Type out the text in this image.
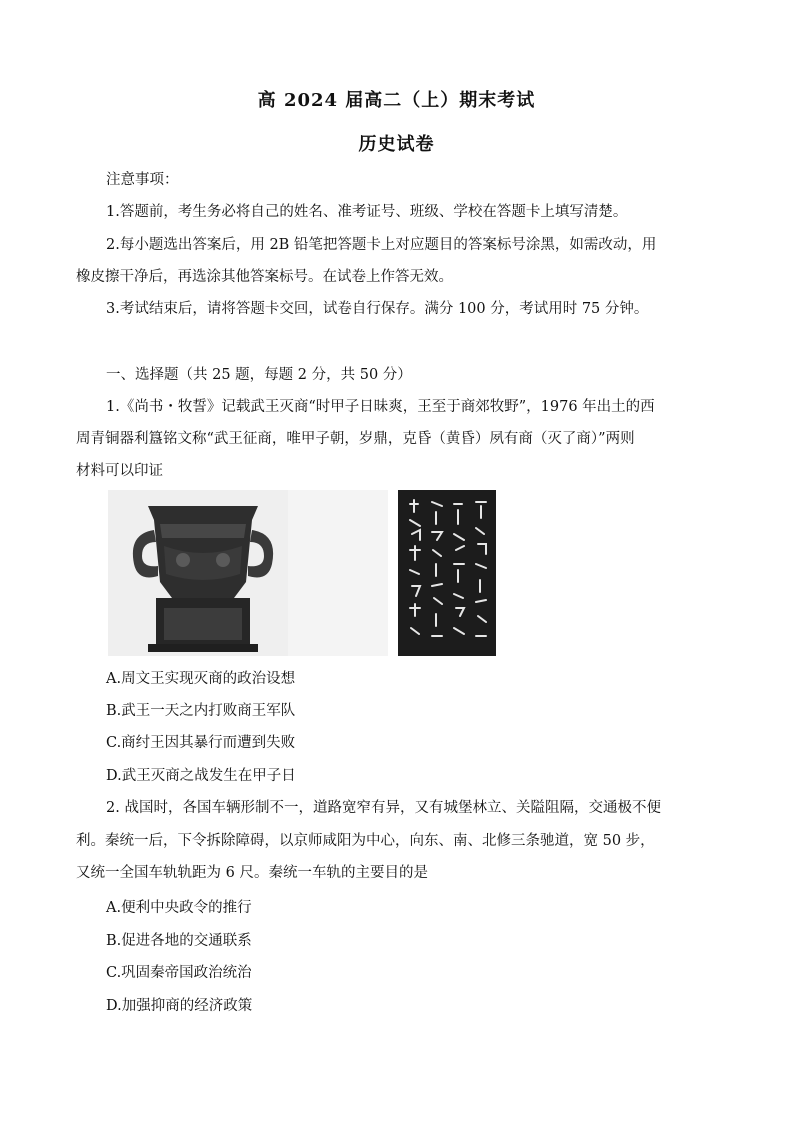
高 2024 届高二（上）期末考试
历史试卷
注意事项：
1.答题前，考生务必将自己的姓名、准考证号、班级、学校在答题卡上填写清楚。
2.每小题选出答案后，用 2B 铅笔把答题卡上对应题目的答案标号涂黑，如需改动，用
橡皮擦干净后，再选涂其他答案标号。在试卷上作答无效。
3.考试结束后，请将答题卡交回，试卷自行保存。满分 100 分，考试用时 75 分钟。
一、选择题（共 25 题，每题 2 分，共 50 分）
1.《尚书・牧誓》记载武王灭商“时甲子日昧爽，王至于商郊牧野”，1976 年出土的西
周青铜器利簋铭文称“武王征商，唯甲子朝，岁鼎，克昏（黄昏）夙有商（灭了商）”两则
材料可以印证
A.周文王实现灭商的政治设想
B.武王一天之内打败商王军队
C.商纣王因其暴行而遭到失败
D.武王灭商之战发生在甲子日
2. 战国时，各国车辆形制不一，道路宽窄有异，又有城堡林立、关隘阻隔，交通极不便
利。秦统一后，下令拆除障碍，以京师咸阳为中心，向东、南、北修三条驰道，宽 50 步，
又统一全国车轨轨距为 6 尺。秦统一车轨的主要目的是
A.便利中央政令的推行
B.促进各地的交通联系
C.巩固秦帝国政治统治
D.加强抑商的经济政策
